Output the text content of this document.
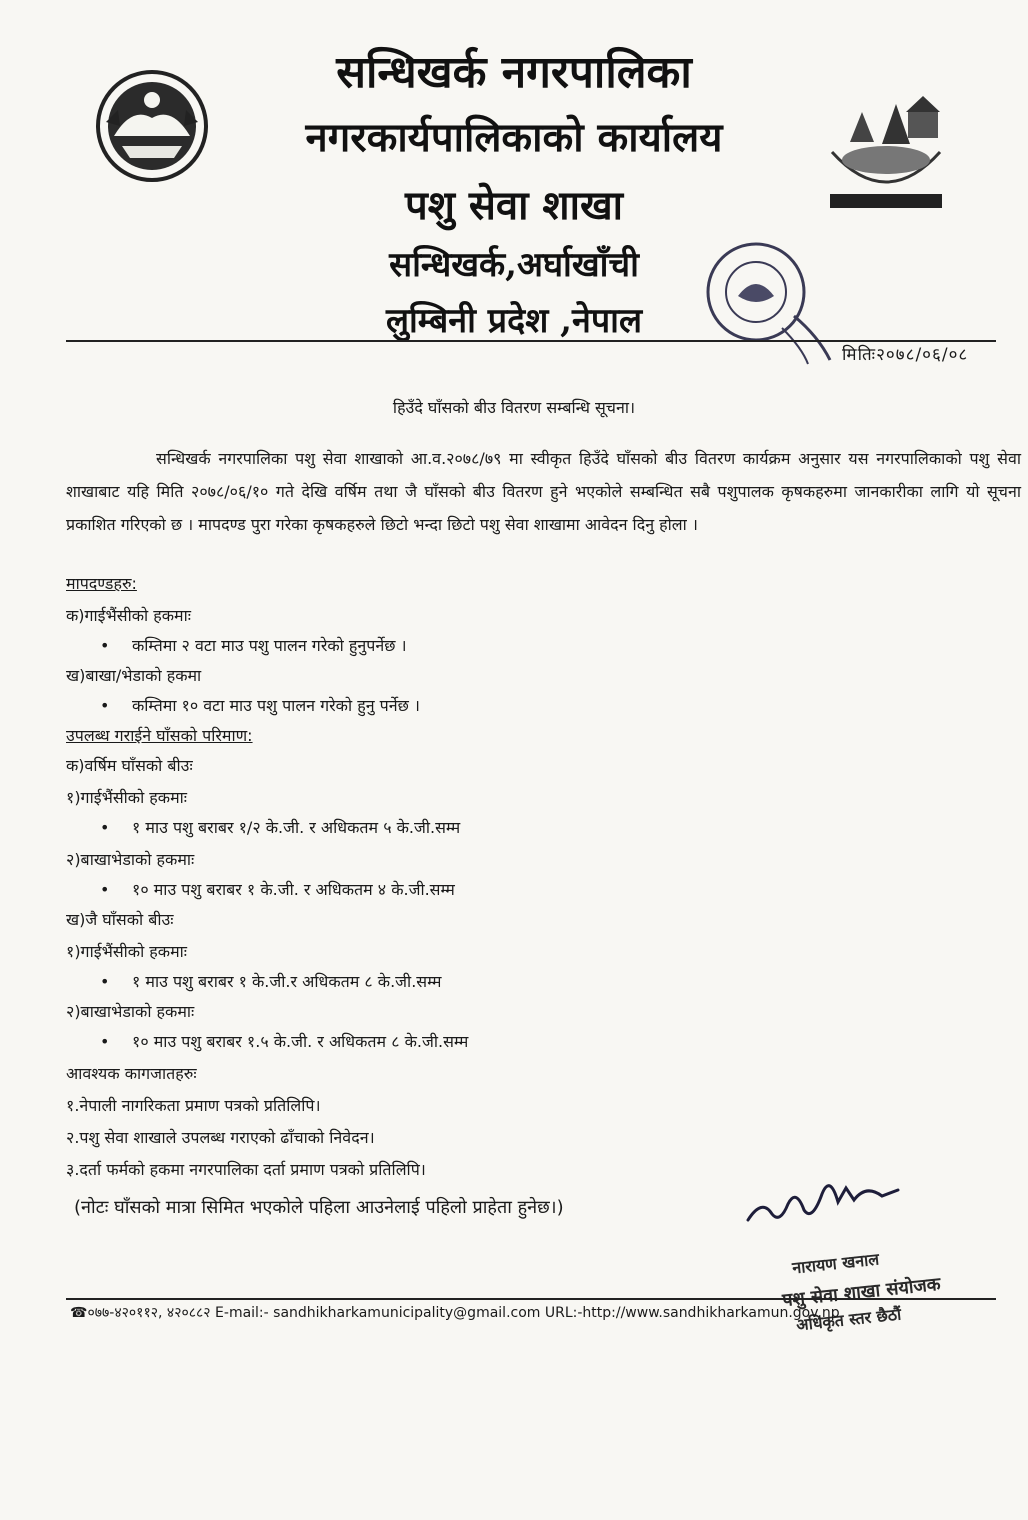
सन्धिखर्क नगरपालिका
नगरकार्यपालिकाको कार्यालय
पशु सेवा शाखा
सन्धिखर्क,अर्घाखाँची
लुम्बिनी प्रदेश ,नेपाल
मितिः२०७८/०६/०८
हिउँदे घाँसको बीउ वितरण सम्बन्धि सूचना।

सन्धिखर्क नगरपालिका पशु सेवा शाखाको आ.व.२०७८/७९ मा स्वीकृत हिउँदे घाँसको बीउ वितरण कार्यक्रम अनुसार यस नगरपालिकाको पशु सेवा शाखाबाट यहि मिति २०७८/०६/१० गते देखि वर्षिम तथा जै घाँसको बीउ वितरण हुने भएकोले सम्बन्धित सबै पशुपालक कृषकहरुमा जानकारीका लागि यो सूचना प्रकाशित गरिएको छ । मापदण्ड पुरा गरेका कृषकहरुले छिटो भन्दा छिटो पशु सेवा शाखामा आवेदन दिनु होला ।

मापदण्डहरु:
क)गाईभैंसीको हकमाः
• कम्तिमा २ वटा माउ पशु पालन गरेको हुनुपर्नेछ ।
ख)बाखा/भेडाको हकमा
• कम्तिमा १० वटा माउ पशु पालन गरेको हुनु पर्नेछ ।
उपलब्ध गराईने घाँसको परिमाण:
क)वर्षिम घाँसको बीउः
१)गाईभैंसीको हकमाः
• १ माउ पशु बराबर १/२ के.जी. र अधिकतम ५ के.जी.सम्म
२)बाखाभेडाको हकमाः
• १० माउ पशु बराबर १ के.जी. र अधिकतम ४ के.जी.सम्म
ख)जै घाँसको बीउः
१)गाईभैंसीको हकमाः
• १ माउ पशु बराबर १ के.जी.र अधिकतम ८ के.जी.सम्म
२)बाखाभेडाको हकमाः
• १० माउ पशु बराबर १.५ के.जी. र अधिकतम ८ के.जी.सम्म
आवश्यक कागजातहरुः
१.नेपाली नागरिकता प्रमाण पत्रको प्रतिलिपि।
२.पशु सेवा शाखाले उपलब्ध गराएको ढाँचाको निवेदन।
३.दर्ता फर्मको हकमा नगरपालिका दर्ता प्रमाण पत्रको प्रतिलिपि।
(नोटः घाँसको मात्रा सिमित भएकोले पहिला आउनेलाई पहिलो प्राहेता हुनेछ।)
नारायण खनाल
पशु सेवा शाखा संयोजक
अधिकृत स्तर छैठौं
☎०७७-४२०११२, ४२०८८२ E-mail:- sandhikharkamunicipality@gmail.com URL:-http://www.sandhikharkamun.gov.np
